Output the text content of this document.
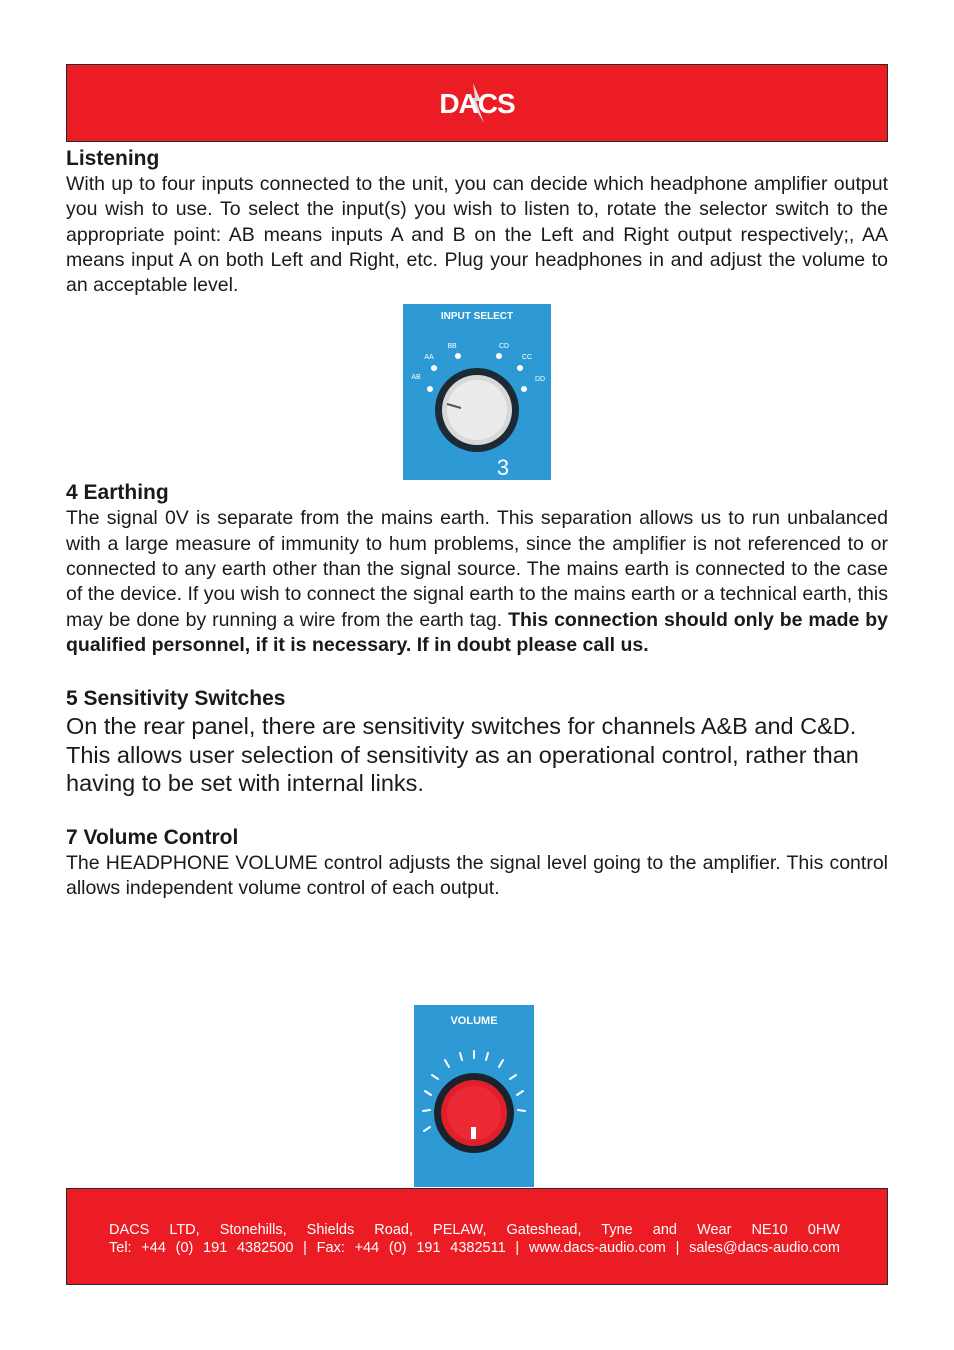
DACS
Listening

With up to four inputs connected to the unit, you can decide which headphone amplifier output you wish to use. To select the input(s) you wish to listen to, rotate the selector switch to the appropriate point: AB means inputs A and B on the Left and Right output respectively;, AA means input A on both Left and Right, etc. Plug your headphones in and adjust the volume to an acceptable level.

INPUT SELECT
AA
BB	CD
CC
AB	DD
3
4 Earthing

The signal 0V is separate from the mains earth. This separation allows us to run unbalanced with a large measure of immunity to hum problems, since the amplifier is not referenced to or connected to any earth other than the signal source. The mains earth is connected to the case of the device. If you wish to connect the signal earth to the mains earth or a technical earth, this may be done by running a wire from the earth tag. This connection should only be made by qualified personnel, if it is necessary. If in doubt please call us.

5 Sensitivity Switches

On the rear panel, there are sensitivity switches for channels A&B and C&D. This allows user selection of sensitivity as an operational control, rather than having to be set with internal links.

7 Volume Control

The HEADPHONE VOLUME control adjusts the signal level going to the amplifier. This control allows independent volume control of each output.

VOLUME
DACS LTD, Stonehills, Shields Road, PELAW, Gateshead, Tyne and Wear NE10 0HW
Tel: +44 (0) 191 4382500 | Fax: +44 (0) 191 4382511 | www.dacs-audio.com | sales@dacs-audio.com
